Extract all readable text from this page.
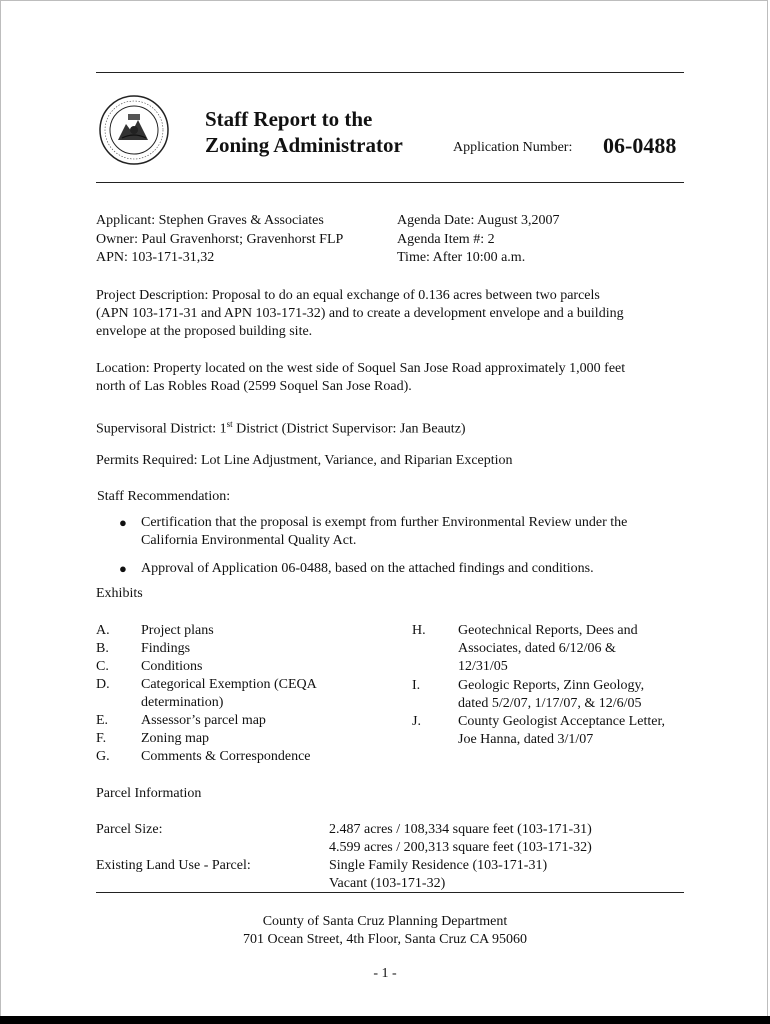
Staff Report to the
Zoning Administrator	Application Number: 06-0488
Applicant: Stephen Graves & Associates
Owner: Paul Gravenhorst; Gravenhorst FLP
APN: 103-171-31,32
Agenda Date: August 3,2007
Agenda Item #: 2
Time: After 10:00 a.m.
Project Description: Proposal to do an equal exchange of 0.136 acres between two parcels
(APN 103-171-31 and APN 103-171-32) and to create a development envelope and a building
envelope at the proposed building site.
Location: Property located on the west side of Soquel San Jose Road approximately 1,000 feet
north of Las Robles Road (2599 Soquel San Jose Road).
Supervisoral District: 1st District (District Supervisor: Jan Beautz)
Permits Required: Lot Line Adjustment, Variance, and Riparian Exception
Staff Recommendation:
● Certification that the proposal is exempt from further Environmental Review under the
California Environmental Quality Act.
● Approval of Application 06-0488, based on the attached findings and conditions.
Exhibits
A. Project plans
B. Findings
C. Conditions
D. Categorical Exemption (CEQA
determination)
E. Assessor’s parcel map
F. Zoning map
G. Comments & Correspondence
H. Geotechnical Reports, Dees and
Associates, dated 6/12/06 &
12/31/05
I.	Geologic Reports, Zinn Geology,
dated 5/2/07, 1/17/07, & 12/6/05
J.	County Geologist Acceptance Letter,
Joe Hanna, dated 3/1/07
Parcel Information
Parcel Size:	2.487 acres / 108,334 square feet (103-171-31)
4.599 acres / 200,313 square feet (103-171-32)
Existing Land Use - Parcel:	Single Family Residence (103-171-31)
Vacant (103-171-32)
County of Santa Cruz Planning Department
701 Ocean Street, 4th Floor, Santa Cruz CA 95060
- 1 -
